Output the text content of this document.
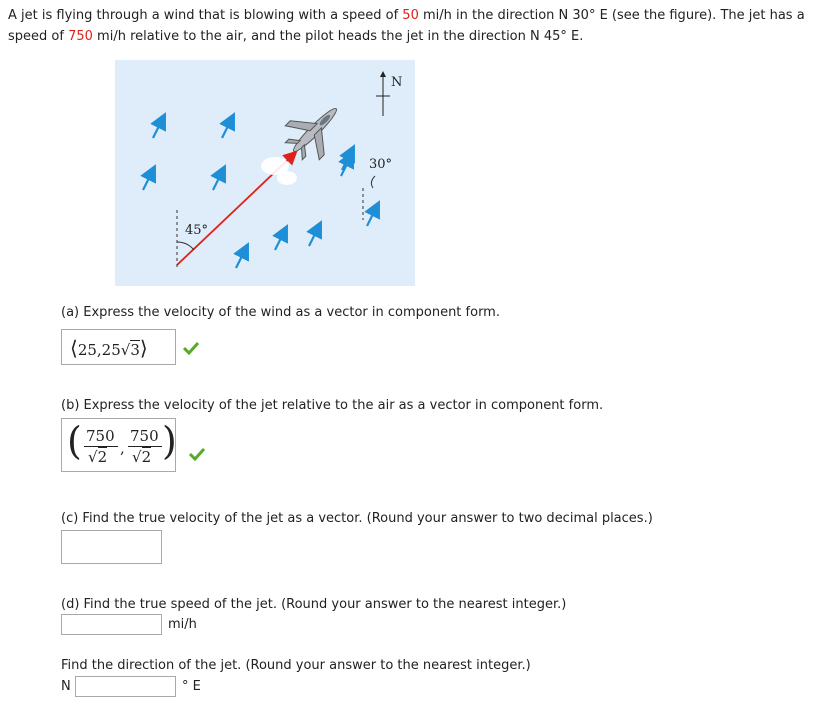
A jet is flying through a wind that is blowing with a speed of 50 mi/h in the direction N 30° E (see the figure). The jet has a speed of 750 mi/h relative to the air, and the pilot heads the jet in the direction N 45° E.
N
30°
45°
(a) Express the velocity of the wind as a vector in component form.
⟨25,25√3⟩
(b) Express the velocity of the jet relative to the air as a vector in component form.
( 750
√2 ,
750
√2 )
(c) Find the true velocity of the jet as a vector. (Round your answer to two decimal places.)
(d) Find the true speed of the jet. (Round your answer to the nearest integer.)
mi/h
Find the direction of the jet. (Round your answer to the nearest integer.)
N	° E
